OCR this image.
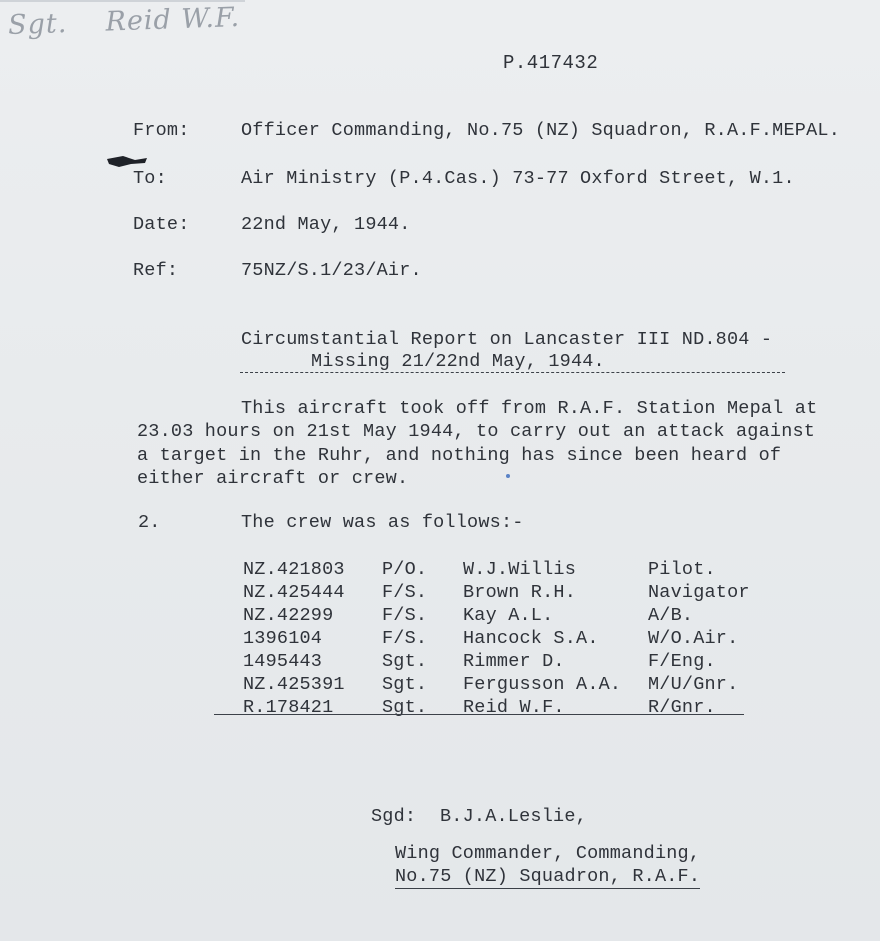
Sgt. Reid W.F.
P.417432
From:	Officer Commanding, No.75 (NZ) Squadron, R.A.F.MEPAL.
To:	Air Ministry (P.4.Cas.) 73-77 Oxford Street, W.1.
Date:	22nd May, 1944.
Ref:	75NZ/S.1/23/Air.
Circumstantial Report on Lancaster III ND.804 -
Missing 21/22nd May, 1944.
This aircraft took off from R.A.F. Station Mepal at
23.03 hours on 21st May 1944, to carry out an attack against
a target in the Ruhr, and nothing has since been heard of
either aircraft or crew.
2.	The crew was as follows:-
NZ.421803 P/O. W.J.Willis	Pilot.
NZ.425444 F/S. Brown R.H.	Navigator
NZ.42299	F/S. Kay A.L.	A/B.
1396104	F/S. Hancock S.A.	W/O.Air.
1495443	Sgt. Rimmer D.	F/Eng.
NZ.425391 Sgt. Fergusson A.A. M/U/Gnr.
R.178421	Sgt. Reid W.F.	R/Gnr.
Sgd: B.J.A.Leslie,
Wing Commander, Commanding,
No.75 (NZ) Squadron, R.A.F.
